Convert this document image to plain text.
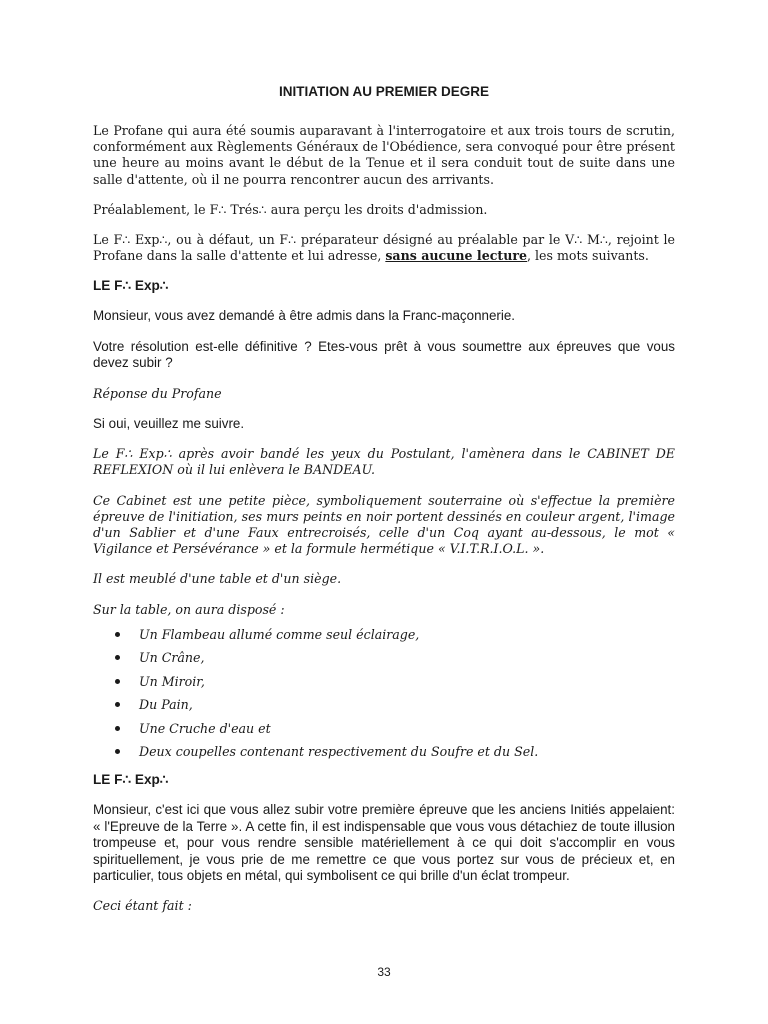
INITIATION AU PREMIER DEGRE

Le Profane qui aura été soumis auparavant à l'interrogatoire et aux trois tours de scrutin, conformément aux Règlements Généraux de l'Obédience, sera convoqué pour être présent une heure au moins avant le début de la Tenue et il sera conduit tout de suite dans une salle d'attente, où il ne pourra rencontrer aucun des arrivants.

Préalablement, le F∴ Trés∴ aura perçu les droits d'admission.

Le F∴ Exp∴, ou à défaut, un F∴ préparateur désigné au préalable par le V∴ M∴, rejoint le Profane dans la salle d'attente et lui adresse, sans aucune lecture, les mots suivants.

LE F∴ Exp∴

Monsieur, vous avez demandé à être admis dans la Franc-maçonnerie.

Votre résolution est-elle définitive ? Etes-vous prêt à vous soumettre aux épreuves que vous devez subir ?

Réponse du Profane

Si oui, veuillez me suivre.

Le F∴ Exp∴ après avoir bandé les yeux du Postulant, l'amènera dans le CABINET DE REFLEXION où il lui enlèvera le BANDEAU.

Ce Cabinet est une petite pièce, symboliquement souterraine où s'effectue la première épreuve de l'initiation, ses murs peints en noir portent dessinés en couleur argent, l'image d'un Sablier et d'une Faux entrecroisés, celle d'un Coq ayant au-dessous, le mot « Vigilance et Persévérance » et la formule hermétique « V.I.T.R.I.O.L. ».

Il est meublé d'une table et d'un siège.

Sur la table, on aura disposé :

Un Flambeau allumé comme seul éclairage,
Un Crâne,
Un Miroir,
Du Pain,
Une Cruche d'eau et
Deux coupelles contenant respectivement du Soufre et du Sel.

LE F∴ Exp∴

Monsieur, c'est ici que vous allez subir votre première épreuve que les anciens Initiés appelaient: « l'Epreuve de la Terre ». A cette fin, il est indispensable que vous vous détachiez de toute illusion trompeuse et, pour vous rendre sensible matériellement à ce qui doit s'accomplir en vous spirituellement, je vous prie de me remettre ce que vous portez sur vous de précieux et, en particulier, tous objets en métal, qui symbolisent ce qui brille d'un éclat trompeur.

Ceci étant fait :

33
